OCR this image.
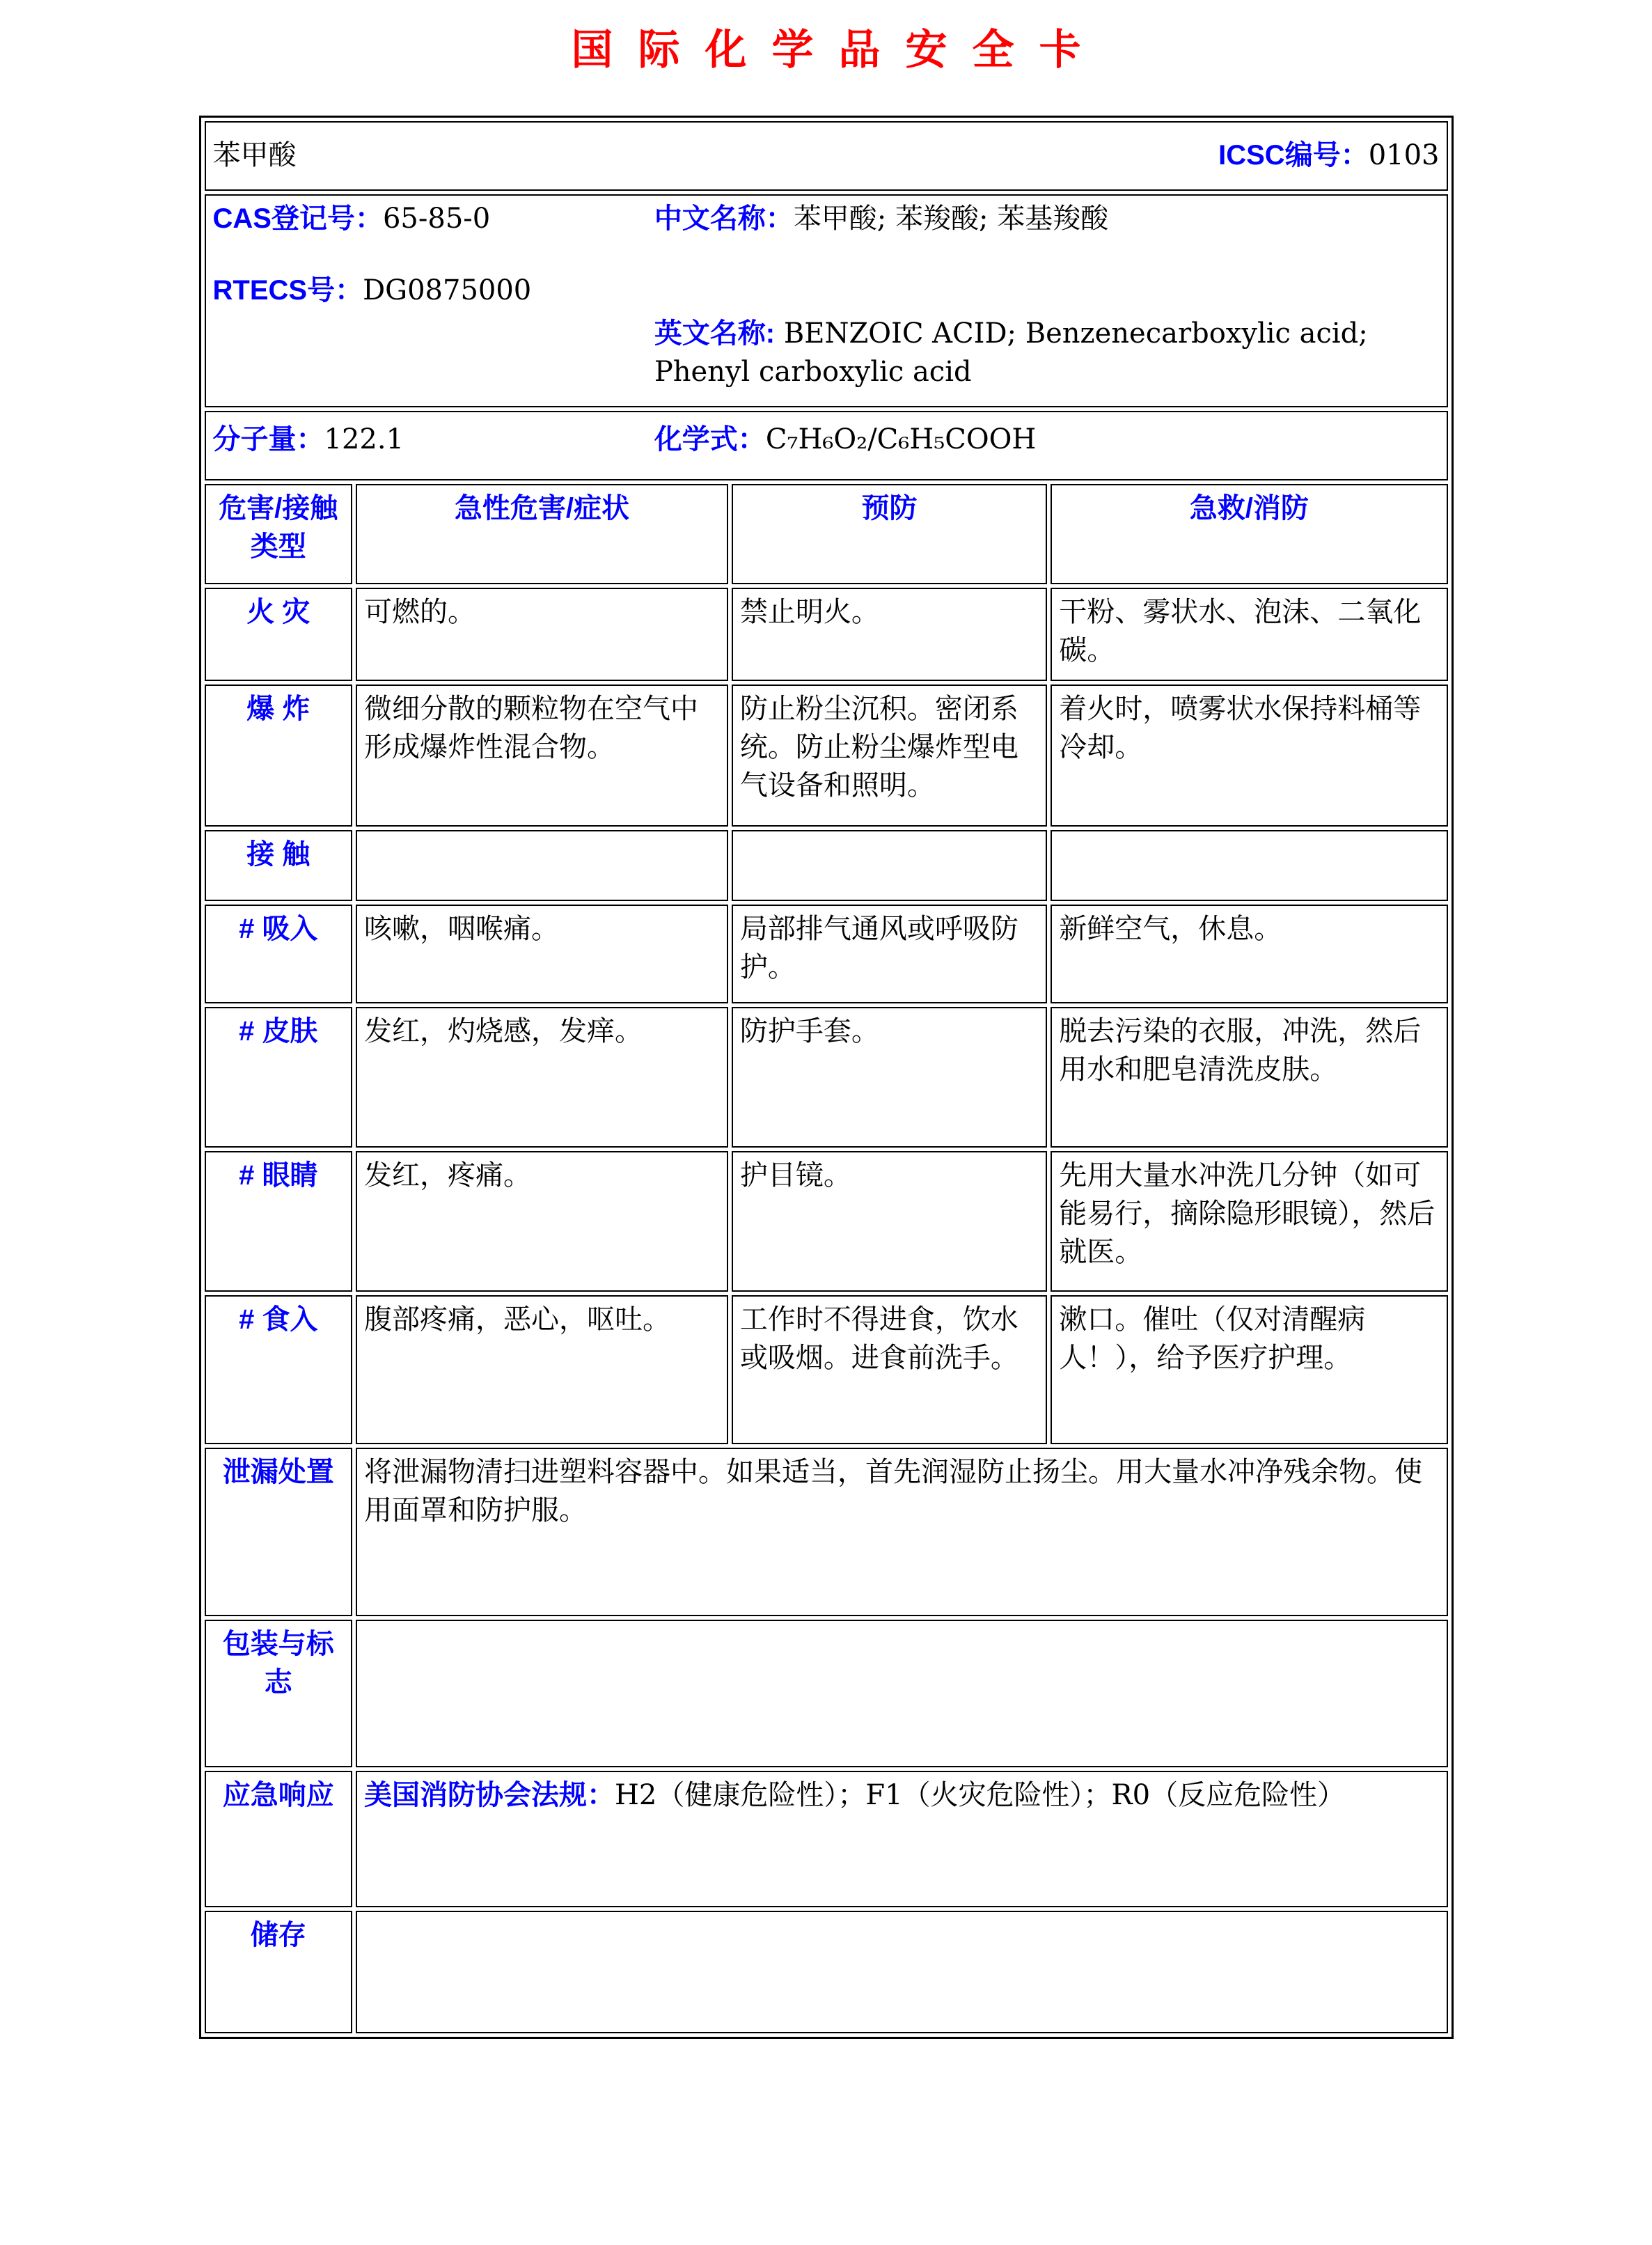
国际化学品安全卡
苯甲酸 ICSC编号：0103			

CAS登记号：65-85-0
RTECS号：DG0875000
中文名称：苯甲酸; 苯羧酸; 苯基羧酸
英文名称: BENZOIC ACID; Benzenecarboxylic acid; Phenyl carboxylic acid			

分子量：122.1 化学式：C₇H₆O₂/C₆H₅COOH			

危害/接触 类型	急性危害/症状	预防	急救/消防
火 灾	可燃的。	禁止明火。	干粉、雾状水、泡沫、二氧化碳。
爆 炸	微细分散的颗粒物在空气中形成爆炸性混合物。	防止粉尘沉积。密闭系统。防止粉尘爆炸型电气设备和照明。	着火时，喷雾状水保持料桶等冷却。
接 触			
# 吸入	咳嗽，咽喉痛。	局部排气通风或呼吸防护。	新鲜空气，休息。
# 皮肤	发红，灼烧感，发痒。	防护手套。	脱去污染的衣服，冲洗，然后用水和肥皂清洗皮肤。
# 眼睛	发红，疼痛。	护目镜。	先用大量水冲洗几分钟（如可能易行，摘除隐形眼镜），然后就医。
# 食入	腹部疼痛，恶心，呕吐。	工作时不得进食，饮水或吸烟。进食前洗手。	漱口。催吐（仅对清醒病人！），给予医疗护理。
泄漏处置	将泄漏物清扫进塑料容器中。如果适当，首先润湿防止扬尘。用大量水冲净残余物。使用面罩和防护服。		
包装与标志			
应急响应	美国消防协会法规：H2（健康危险性）；F1（火灾危险性）；R0（反应危险性）		
储存			
